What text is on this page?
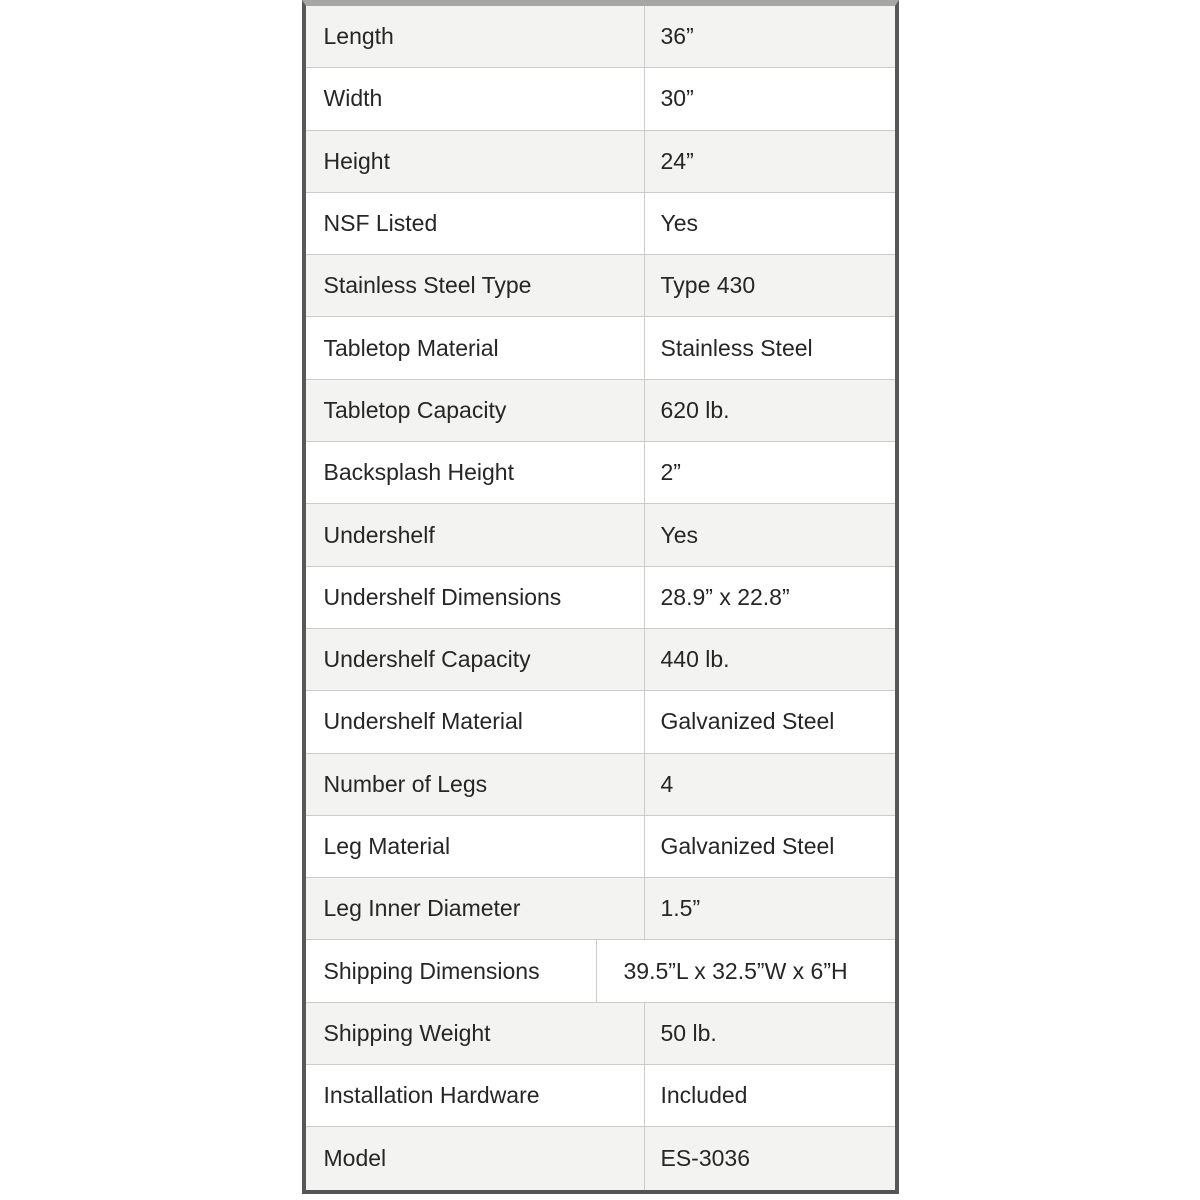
Length	36”
Width	30”
Height	24”
NSF Listed	Yes
Stainless Steel Type	Type 430
Tabletop Material	Stainless Steel
Tabletop Capacity	620 lb.
Backsplash Height	2”
Undershelf	Yes
Undershelf Dimensions	28.9” x 22.8”
Undershelf Capacity	440 lb.
Undershelf Material	Galvanized Steel
Number of Legs	4
Leg Material	Galvanized Steel
Leg Inner Diameter	1.5”
Shipping Dimensions	39.5”L x 32.5”W x 6”H
Shipping Weight	50 lb.
Installation Hardware	Included
Model	ES-3036
